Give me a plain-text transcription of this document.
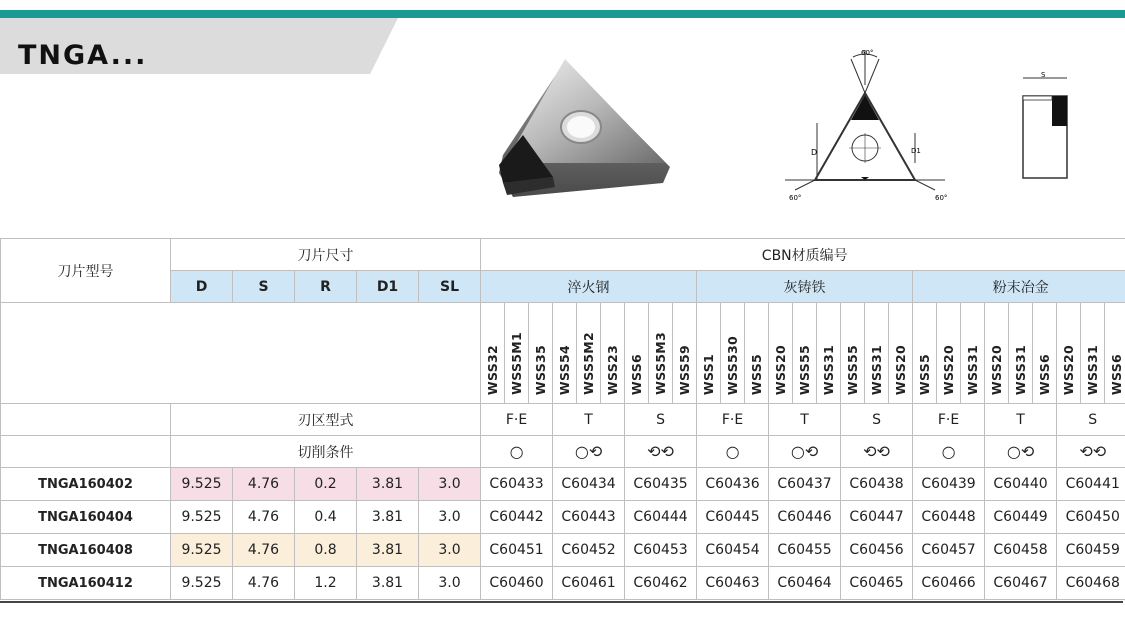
TNGA...	60°
D	D1
60°	60°
S
刀片型号	刀片尺寸					CBN材质编号																										
	D	S	R	D1	SL	淬火钢									灰铸铁									粉末冶金								
						WSS32	WSS5M1	WSS35	WSS54	WSS5M2	WSS23	WSS6	WSS5M3	WSS59	WSS1	WSS530	WSS5	WSS20	WSS55	WSS31	WSS55	WSS31	WSS20	WSS5	WSS20	WSS31	WSS20	WSS31	WSS6	WSS20	WSS31	WSS6
	刃区型式					F·E			T			S			F·E			T			S			F·E			T			S		
	切削条件					○			○⟲			⟲⟲			○			○⟲			⟲⟲			○			○⟲			⟲⟲		
TNGA160402	9.525	4.76	0.2	3.81	3.0	C60433			C60434			C60435			C60436			C60437			C60438			C60439			C60440			C60441		
TNGA160404	9.525	4.76	0.4	3.81	3.0	C60442			C60443			C60444			C60445			C60446			C60447			C60448			C60449			C60450		
TNGA160408	9.525	4.76	0.8	3.81	3.0	C60451			C60452			C60453			C60454			C60455			C60456			C60457			C60458			C60459		
TNGA160412	9.525	4.76	1.2	3.81	3.0	C60460			C60461			C60462			C60463			C60464			C60465			C60466			C60467			C60468		
